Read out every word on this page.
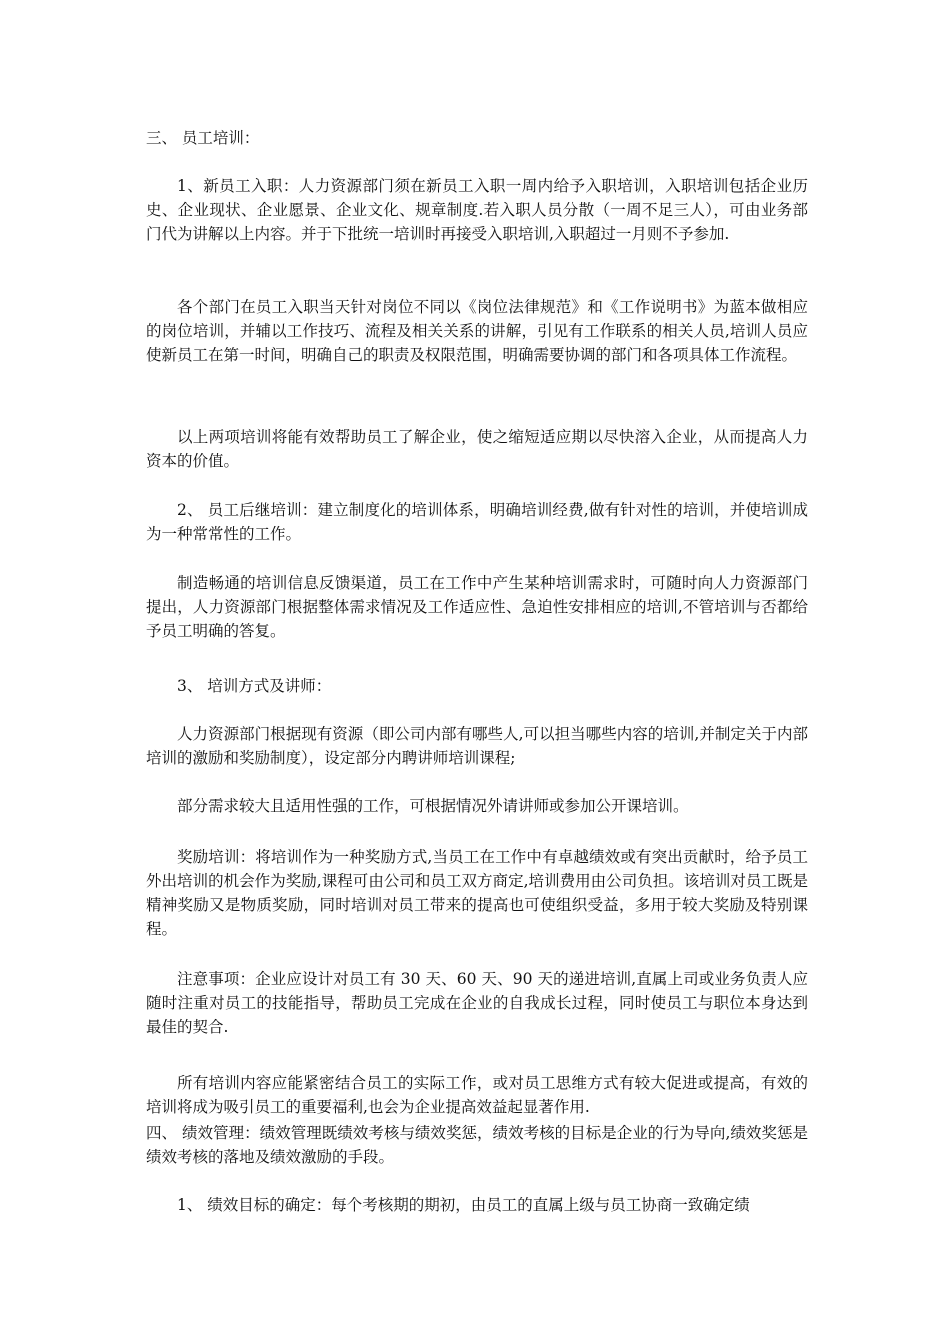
三、 员工培训：

1、新员工入职：人力资源部门须在新员工入职一周内给予入职培训，入职培训包括企业历史、企业现状、企业愿景、企业文化、规章制度.若入职人员分散（一周不足三人），可由业务部门代为讲解以上内容。并于下批统一培训时再接受入职培训,入职超过一月则不予参加.

各个部门在员工入职当天针对岗位不同以《岗位法律规范》和《工作说明书》为蓝本做相应的岗位培训，并辅以工作技巧、流程及相关关系的讲解，引见有工作联系的相关人员,培训人员应使新员工在第一时间，明确自己的职责及权限范围，明确需要协调的部门和各项具体工作流程。

以上两项培训将能有效帮助员工了解企业，使之缩短适应期以尽快溶入企业，从而提高人力资本的价值。

2、 员工后继培训：建立制度化的培训体系，明确培训经费,做有针对性的培训，并使培训成为一种常常性的工作。

制造畅通的培训信息反馈渠道，员工在工作中产生某种培训需求时，可随时向人力资源部门提出，人力资源部门根据整体需求情况及工作适应性、急迫性安排相应的培训,不管培训与否都给予员工明确的答复。

3、 培训方式及讲师：

人力资源部门根据现有资源（即公司内部有哪些人,可以担当哪些内容的培训,并制定关于内部培训的激励和奖励制度），设定部分内聘讲师培训课程;

部分需求较大且适用性强的工作，可根据情况外请讲师或参加公开课培训。

奖励培训：将培训作为一种奖励方式,当员工在工作中有卓越绩效或有突出贡献时，给予员工外出培训的机会作为奖励,课程可由公司和员工双方商定,培训费用由公司负担。该培训对员工既是精神奖励又是物质奖励，同时培训对员工带来的提高也可使组织受益，多用于较大奖励及特别课程。

注意事项：企业应设计对员工有 30 天、60 天、90 天的递进培训,直属上司或业务负责人应随时注重对员工的技能指导，帮助员工完成在企业的自我成长过程，同时使员工与职位本身达到最佳的契合.

所有培训内容应能紧密结合员工的实际工作，或对员工思维方式有较大促进或提高，有效的培训将成为吸引员工的重要福利,也会为企业提高效益起显著作用.

四、 绩效管理：绩效管理既绩效考核与绩效奖惩，绩效考核的目标是企业的行为导向,绩效奖惩是绩效考核的落地及绩效激励的手段。

1、 绩效目标的确定：每个考核期的期初，由员工的直属上级与员工协商一致确定绩
